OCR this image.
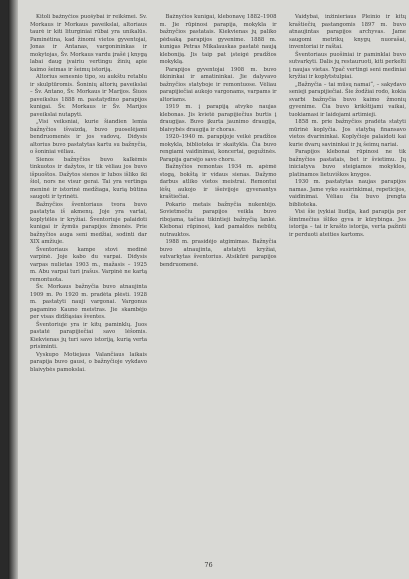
Kitoli bažnyčios puošybai ir reikšmei. Šv. Morkaus ir Morkaus paveikslai, altoriaus taurė ir kiti liturginiai rūbai yra unikalūs. Paminėtina, kad žinomi vietos gyventojai, Jonas ir Antanas, vargonininkas ir mokytojas, Šv. Morkaus vardu įrašė į knygą labai daug įvairiu vertingu žinių apie kaimo šeimas ir šeimų istoriją.

Altorius senesnio tipo, su aukštu retablu ir skulptūromis. Šoninių altorių paveikslai – Šv. Antano, Šv. Morkaus ir Marijos. Šiuos paveikslus 1888 m. pastatydino parapijos kunigai. Šv. Morkaus ir Šv. Marijos paveikslai nutapyti.

„Visi veiksniai, kurie šiandien lemia bažnyčios išvaizdą, buvo puoselėjami bendruomenės ir jos vadovų. Didysis altorius buvo pastatytas kartu su bažnyčia, o šoniniai vėliau.

Sienos bažnyčios buvo kalkėmis tinkuotos ir dažytos, ir tik vėliau jos buvo išpuoštos. Dažytos sienos ir lubos išliko iki šiol, nors ne visur gerai. Tai yra vertinga meninė ir istorinė medžiaga, kurią būtina saugoti ir tyrinėti.

Bažnyčios šventoriaus tvora buvo pastatyta iš akmenų. Joje yra vartai, koplytėlės ir kryžiai. Šventoriuje palaidoti kunigai ir žymūs parapijos žmonės. Prie bažnyčios auga seni medžiai, sodinti dar XIX amžiuje.

Šventoriaus kampe stovi medinė varpinė. Joje kabo du varpai. Didysis varpas nulietas 1903 m., mažasis – 1925 m. Abu varpai turi įrašus. Varpinė ne kartą remontuota.

Šv. Morkaus bažnyčia buvo atnaujinta 1909 m. Po 1920 m. pradėta plėsti. 1928 m. pastatyti nauji vargonai. Vargonus pagamino Kauno meistras. Jie skambėjo per visas didžiąsias šventes.

Šventoriuje yra ir kitų paminklų. Juos pastatė parapijiečiai savo lėšomis. Kiekvienas jų turi savo istoriją, kurią verta prisiminti.

Vyskupo Motiejaus Valančiaus laikais parapija buvo gausi, o bažnyčioje vykdavo blaivybės pamokslai.

Bažnyčios kunigai, klebonavę 1882–1908 m. Jie rūpinosi parapija, mokykla ir bažnyčios pastatais. Kiekvienas jų paliko pėdsaką parapijos gyvenime. 1888 m. kunigas Petras Mikalauskas pastatė naują kleboniją. Jis taip pat įsteigė pradžios mokyklą.

Parapijos gyventojai 1908 m. buvo ūkininkai ir amatininkai. Jie dalyvavo bažnyčios statyboje ir remontuose. Vėliau parapijiečiai aukojo vargonams, varpams ir altoriams.

1919 m. į parapiją atvyko naujas klebonas. Jis kvietė parapijiečius burtis į draugijas. Buvo įkurta jaunimo draugija, blaivybės draugija ir choras.

1920–1940 m. parapijoje veikė pradžios mokykla, biblioteka ir skaitykla. Čia buvo rengiami vaidinimai, koncertai, gegužinės. Parapija garsėjo savo choru.

Bažnyčios remontas 1934 m. apėmė stogą, bokštą ir vidaus sienas. Dažymo darbus atliko vietos meistrai. Remontui lėšų aukojo ir išeivijoje gyvenantys kraštiečiai.

Pokario metais bažnyčia nukentėjo. Sovietmečiu parapijos veikla buvo ribojama, tačiau tikintieji bažnyčią lankė. Klebonai rūpinosi, kad pamaldos nebūtų nutrauktos.

1988 m. prasidėjo atgimimas. Bažnyčia buvo atnaujinta, atstatyti kryžiai, sutvarkytas šventorius. Atsikūrė parapijos bendruomenė.

Vaidybai, inžinieriaus Pleinio ir kitų kraštiečių pastangomis 1897 m. buvo atnaujintas parapijos archyvas. Jame saugomi metrikų knygų nuorašai, inventoriai ir raštai.

Šventoriaus puošiniai ir paminklai buvo sutvarkyti. Dalis jų restauruoti, kiti perkelti į naujas vietas. Ypač vertingi seni mediniai kryžiai ir koplytstulpiai.

„Bažnyčia – tai mūsų namai“, – sakydavo senieji parapijiečiai. Šie žodžiai rodo, kokia svarbi bažnyčia buvo kaimo žmonių gyvenime. Čia buvo krikštijami vaikai, tuokiamasi ir laidojami artimieji.

1858 m. prie bažnyčios pradėta statyti mūrinė koplyčia. Jos statybą finansavo vietos dvarininkai. Koplyčioje palaidoti kai kurie dvarų savininkai ir jų šeimų nariai.

Parapijos klebonai rūpinosi ne tik bažnyčios pastatais, bet ir švietimu. Jų iniciatyva buvo steigiamos mokyklos, platinamos lietuviškos knygos.

1930 m. pastatytas naujas parapijos namas. Jame vyko susirinkimai, repeticijos, vaidinimai. Vėliau čia buvo įrengta biblioteka.

Visi šie įvykiai liudija, kad parapija per šimtmečius išliko gyva ir kūrybinga. Jos istorija – tai ir krašto istorija, verta pažinti ir perduoti ateities kartoms.

76
